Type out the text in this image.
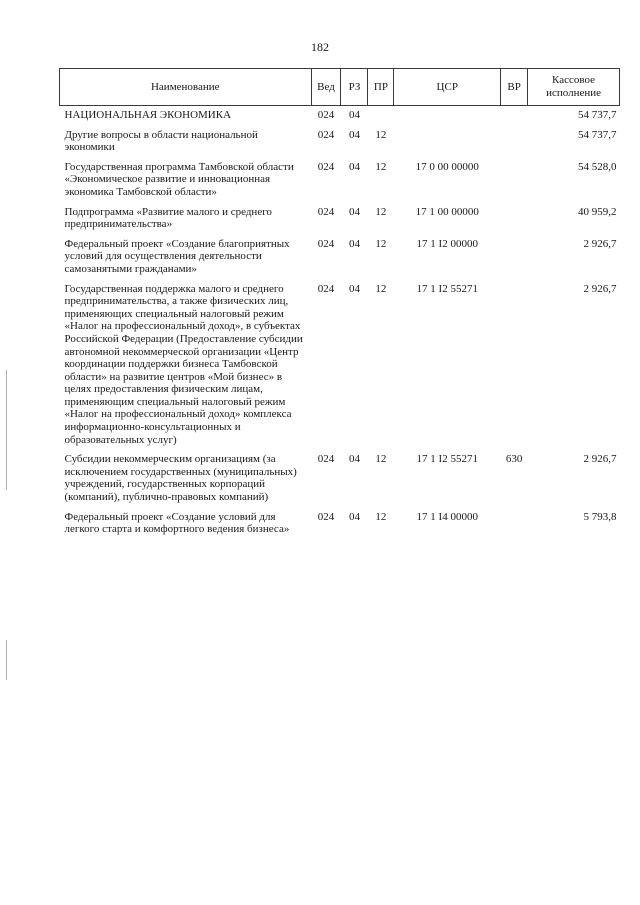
182
Наименование	Вед	РЗ	ПР	ЦСР	ВР	Кассовое исполнение
НАЦИОНАЛЬНАЯ ЭКОНОМИКА	024	04				54 737,7
Другие вопросы в области национальной экономики	024	04	12			54 737,7
Государственная программа Тамбовской области «Экономическое развитие и инновационная экономика Тамбовской области»	024	04	12	17 0 00 00000		54 528,0
Подпрограмма «Развитие малого и среднего предпринимательства»	024	04	12	17 1 00 00000		40 959,2
Федеральный проект «Создание благоприятных условий для осуществления деятельности самозанятыми гражданами»	024	04	12	17 1 I2 00000		2 926,7
Государственная поддержка малого и среднего предпринимательства, а также физических лиц, применяющих специальный налоговый режим «Налог на профессиональный доход», в субъектах Российской Федерации (Предоставление субсидии автономной некоммерческой организации «Центр координации поддержки бизнеса Тамбовской области» на развитие центров «Мой бизнес» в целях предоставления физическим лицам, применяющим специальный налоговый режим «Налог на профессиональный доход» комплекса информационно-консультационных и образовательных услуг)	024	04	12	17 1 I2 55271		2 926,7
Субсидии некоммерческим организациям (за исключением государственных (муниципальных) учреждений, государственных корпораций (компаний), публично-правовых компаний)	024	04	12	17 1 I2 55271	630	2 926,7
Федеральный проект «Создание условий для легкого старта и комфортного ведения бизнеса»	024	04	12	17 1 I4 00000		5 793,8
